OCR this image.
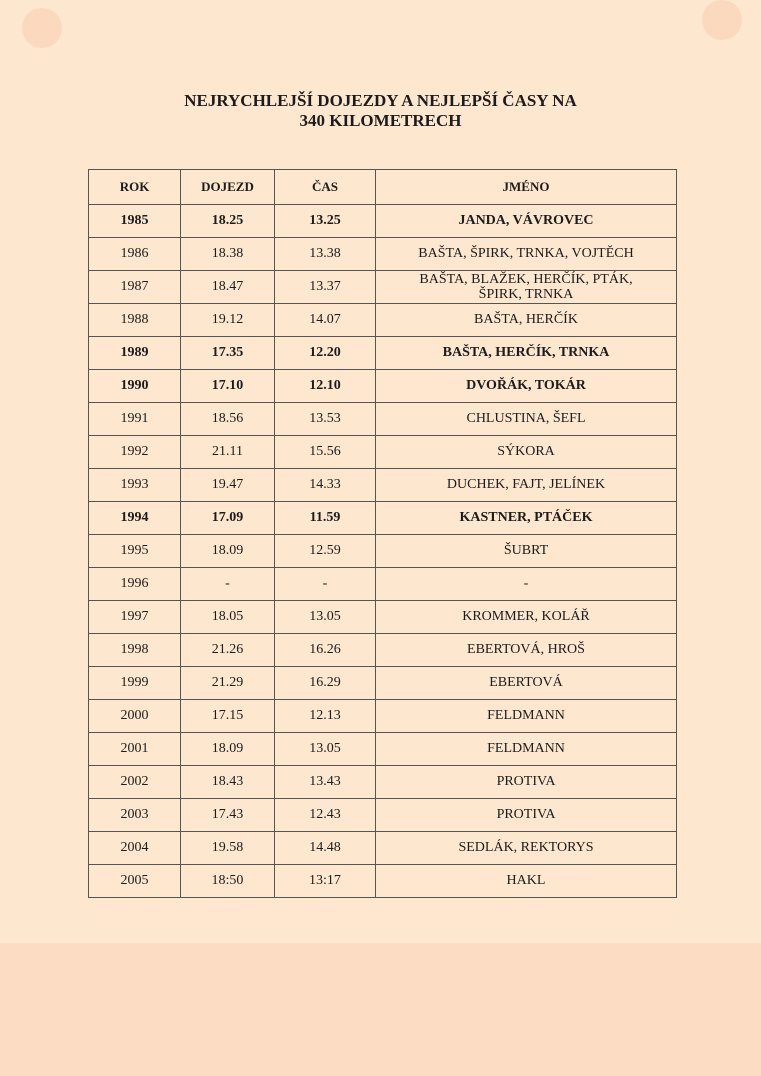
NEJRYCHLEJŠÍ DOJEZDY A NEJLEPŠÍ ČASY NA
340 KILOMETRECH
ROK	DOJEZD	ČAS	JMÉNO
1985	18.25	13.25	JANDA, VÁVROVEC
1986	18.38	13.38	BAŠTA, ŠPIRK, TRNKA, VOJTĚCH
1987	18.47	13.37	BAŠTA, BLAŽEK, HERČÍK, PTÁK,
ŠPIRK, TRNKA

1988	19.12	14.07	BAŠTA, HERČÍK
1989	17.35	12.20	BAŠTA, HERČÍK, TRNKA
1990	17.10	12.10	DVOŘÁK, TOKÁR
1991	18.56	13.53	CHLUSTINA, ŠEFL
1992	21.11	15.56	SÝKORA
1993	19.47	14.33	DUCHEK, FAJT, JELÍNEK
1994	17.09	11.59	KASTNER, PTÁČEK
1995	18.09	12.59	ŠUBRT
1996	-	-	-
1997	18.05	13.05	KROMMER, KOLÁŘ
1998	21.26	16.26	EBERTOVÁ, HROŠ
1999	21.29	16.29	EBERTOVÁ
2000	17.15	12.13	FELDMANN
2001	18.09	13.05	FELDMANN
2002	18.43	13.43	PROTIVA
2003	17.43	12.43	PROTIVA
2004	19.58	14.48	SEDLÁK, REKTORYS
2005	18:50	13:17	HAKL
